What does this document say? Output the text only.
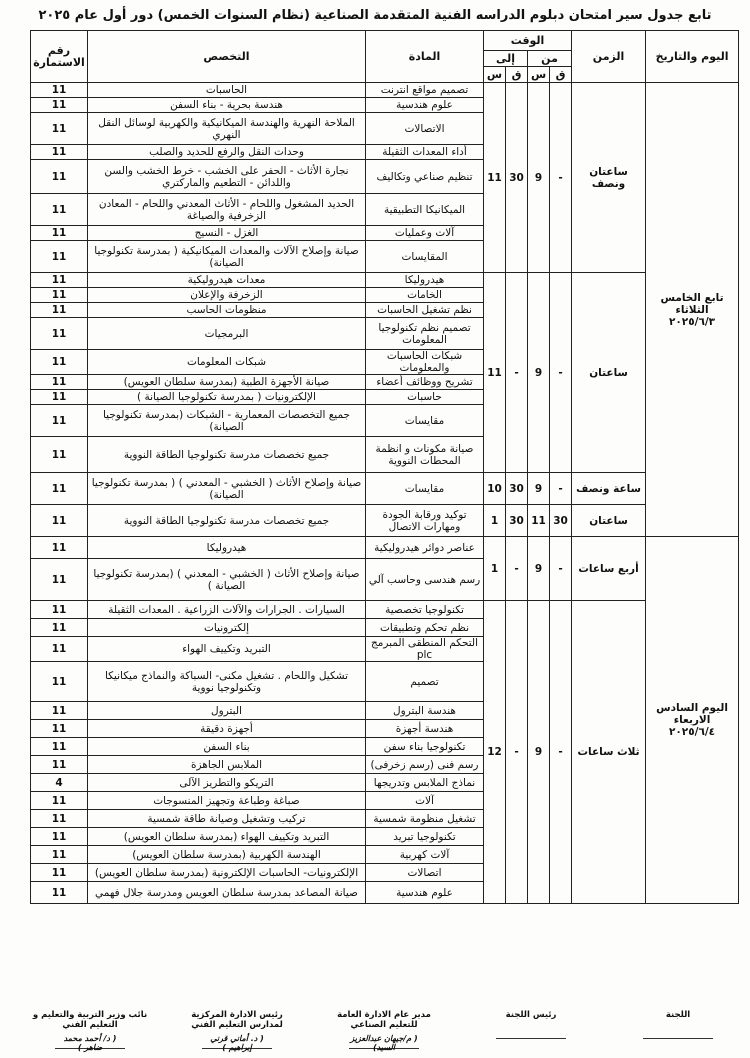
تابع جدول سير امتحان دبلوم الدراسه الفنية المتقدمة الصناعية (نظام السنوات الخمس) دور أول عام ٢٠٢٥
اليوم والتاريخ	الزمن	الوقت				المادة	التخصص	رقم الاستمارة
		من		إلى				
		ق	س	ق	س			

تابع الخامس الثلاثاء
٢٠٢٥/٦/٣	ساعتان ونصف	-	9	30	11	تصميم مواقع انترنت	الحاسبات	11
						علوم هندسية	هندسة بحرية - بناء السفن	11
						الاتصالات	الملاحة النهرية والهندسة الميكانيكية والكهربية لوسائل النقل النهري	11
						أداء المعدات الثقيلة	وحدات النقل والرفع للحديد والصلب	11
						تنظيم صناعي وتكاليف	نجارة الأثاث - الحفر على الخشب - خرط الخشب والسن واللدائن - التطعيم والماركتري	11
						الميكانيكا التطبيقية	الحديد المشغول واللحام - الأثاث المعدني واللحام - المعادن الزخرفية والصياغة	11
						آلات وعمليات	الغزل - النسيج	11
						المقايسات	صيانة وإصلاح الآلات والمعدات الميكانيكية ( بمدرسة تكنولوجيا الصيانة)	11
	ساعتان	-	9	-	11	هيدروليكا	معدات هيدروليكية	11
						الخامات	الزخرفة والإعلان	11
						نظم تشغيل الحاسبات	منظومات الحاسب	11
						تصميم نظم تكنولوجيا المعلومات	البرمجيات	11
						شبكات الحاسبات والمعلومات	شبكات المعلومات	11
						تشريح ووظائف أعضاء	صيانة الأجهزة الطبية (بمدرسة سلطان العويس)	11
						حاسبات	الإلكترونيات ( بمدرسة تكنولوجيا الصيانة )	11
						مقايسات	جميع التخصصات المعمارية - الشبكات (بمدرسة تكنولوجيا الصيانة)	11
						صيانة مكونات و انظمة المحطات النووية	جميع تخصصات مدرسة تكنولوجيا الطاقة النووية	11
	ساعة ونصف	-	9	30	10	مقايسات	صيانة وإصلاح الأثاث ( الخشبي - المعدني ) ( بمدرسة تكنولوجيا الصيانة)	11
	ساعتان	30	11	30	1	توكيد ورقابة الجودة ومهارات الاتصال	جميع تخصصات مدرسة تكنولوجيا الطاقة النووية	11

اليوم السادس الاربعاء
٢٠٢٥/٦/٤	أربع ساعات	-	9	-	1	عناصر دوائر هيدروليكية	هيدروليكا	11
						رسم هندسى وحاسب آلي	صيانة وإصلاح الأثاث ( الخشبي - المعدني ) (بمدرسة تكنولوجيا الصيانة )	11
	ثلاث ساعات	-	9	-	12	تكنولوجيا تخصصية	السيارات . الجرارات والآلات الزراعية . المعدات الثقيلة	11
						نظم تحكم وتطبيقات	إلكترونيات	11
						التحكم المنطقى المبرمج plc	التبريد وتكييف الهواء	11
						تصميم	تشكيل واللحام . تشغيل مكنى- السباكة والنماذج ميكانيكا وتكنولوجيا نووية	11
						هندسة البترول	البترول	11
						هندسة أجهزة	أجهزة دقيقة	11
						تكنولوجيا بناء سفن	بناء السفن	11
						رسم فنى (رسم زخرفى)	الملابس الجاهزة	11
						نماذج الملابس وتدريجها	التريكو والتطريز الآلى	4
						آلات	صباغة وطباعة وتجهيز المنسوجات	11
						تشغيل منظومة شمسية	تركيب وتشغيل وصيانة طاقة شمسية	11
						تكنولوجيا تبريد	التبريد وتكييف الهواء (بمدرسة سلطان العويس)	11
						آلات كهربية	الهندسة الكهربية (بمدرسة سلطان العويس)	11
						اتصالات	الإلكترونيات- الحاسبات الإلكترونية (بمدرسة سلطان العويس)	11
						علوم هندسية	صيانة المصاعد بمدرسة سلطان العويس ومدرسة جلال فهمي	11
اللجنة
رئيس اللجنة
مدير عام الادارة العامة للتعليم الصناعي
( م/جيهان عبدالعزيز السيد)
رئيس الادارة المركزية لمدارس التعليم الفني
( د. أماني قرني إبراهيم )
نائب وزير التربية والتعليم و التعليم الفني
( د/ أحمد محمد ضاهر )
